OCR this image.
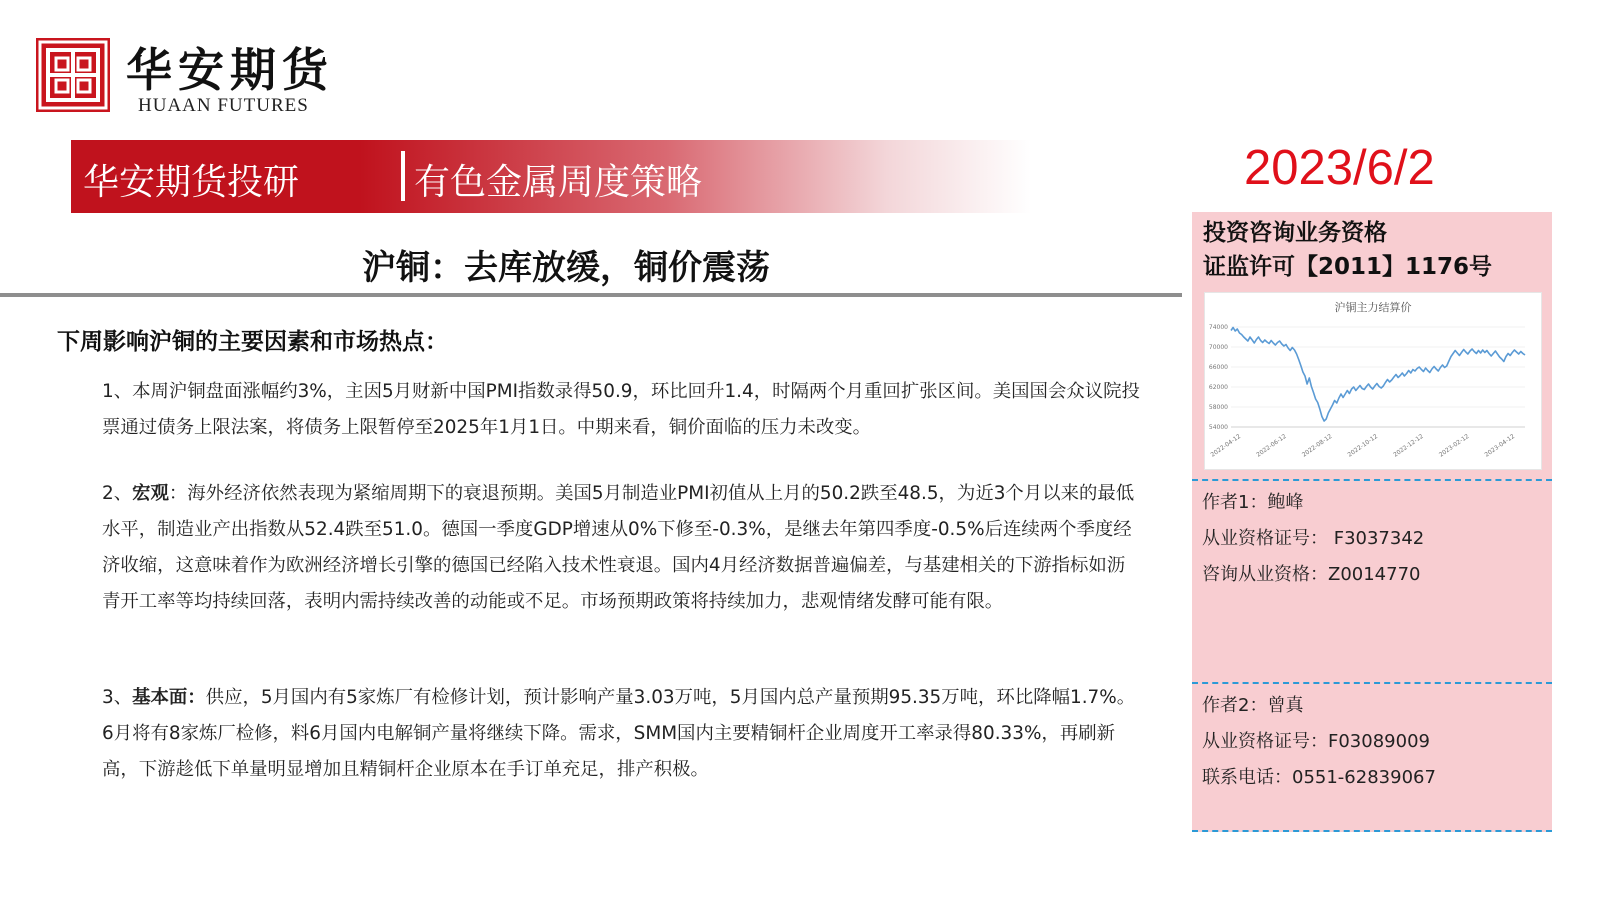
华安期货
HUAAN FUTURES
华安期货投研	有色金属周度策略	2023/6/2
沪铜：去库放缓，铜价震荡
下周影响沪铜的主要因素和市场热点：

1、本周沪铜盘面涨幅约3%，主因5月财新中国PMI指数录得50.9，环比回升1.4，时隔两个月重回扩张区间。美国国会众议院投票通过债务上限法案，将债务上限暂停至2025年1月1日。中期来看，铜价面临的压力未改变。

2、宏观：海外经济依然表现为紧缩周期下的衰退预期。美国5月制造业PMI初值从上月的50.2跌至48.5，为近3个月以来的最低水平，制造业产出指数从52.4跌至51.0。德国一季度GDP增速从0%下修至-0.3%，是继去年第四季度-0.5%后连续两个季度经济收缩，这意味着作为欧洲经济增长引擎的德国已经陷入技术性衰退。国内4月经济数据普遍偏差，与基建相关的下游指标如沥青开工率等均持续回落，表明内需持续改善的动能或不足。市场预期政策将持续加力，悲观情绪发酵可能有限。

3、基本面：供应，5月国内有5家炼厂有检修计划，预计影响产量3.03万吨，5月国内总产量预期95.35万吨，环比降幅1.7%。6月将有8家炼厂检修，料6月国内电解铜产量将继续下降。需求，SMM国内主要精铜杆企业周度开工率录得80.33%，再刷新高，下游趁低下单量明显增加且精铜杆企业原本在手订单充足，排产积极。

投资咨询业务资格
证监许可【2011】1176号
沪铜主力结算价
74000
70000
66000
62000
58000
54000
2022-04-12 2022-06-12 2022-08-12 2022-10-12 2022-12-12 2023-02-12 2023-04-12
作者1：鲍峰
从业资格证号： F3037342
咨询从业资格：Z0014770
作者2：曾真
从业资格证号：F03089009
联系电话：0551-62839067
